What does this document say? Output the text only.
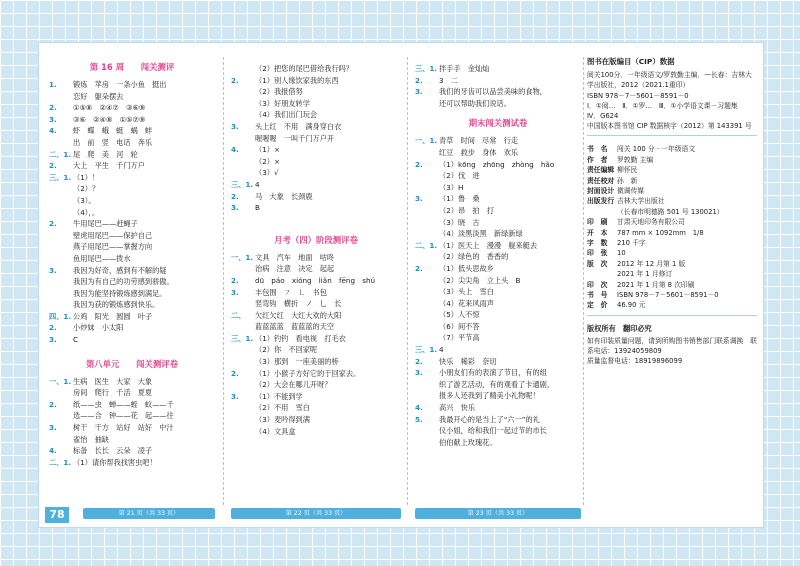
第 16 周　　闯关测评
1. 锻炼　苹房　一条小鱼　挺出
恋好　躯朵摆去
2. ①⑤⑧　②④⑦　③⑥⑨
3. ③⑥　②④⑧　①⑤⑦⑨
4. 虾　蝶　蛾　蜓　蜗　蚌
出　前　竖　电话　奔乐
二、1. 尾　爬　美　河　轮
2. 大上　平生　千门万户
三、1. （1）！
（2）？
（3）。
（4），。
2. 牛用尾巴——赶蝇子
壁虎用尾巴——保护自己
燕子用尾巴——掌握方向
鱼用尾巴——拨水
3. 我因为好奇，感到有不解的疑
我因为有自己的功劳感到骄傲。
我因为能坚持锻炼感到满足。
我因为获的锻炼感到快乐。
四、1. 公鸡　阳光　圆圆　叶子
2. 小炒妹　小太阳
3. C
第八单元　　闯关测评卷
一、1. 生病　医生　大家　大象
房间　爬行　千活　夏夏
2. 纸——虫　蝉——蛭　蚁——千
选——合　钟——花　起——往
3. 树干　干方　站好　站好　中汁
雀怡　抽缺
4. 标备　长长　云朵　凌子
二、1. （1）请你帮我找害虫吧！
（2）把您的尾巴借给我行吗？
2. （1）别人缘饮家我的东西
（2）我报借努
（3）好朋友转学
（4）我们出门玩会
3. 头上红　不用　满身穿白衣
喔喔喔　一叫千门万户开
4. （1）×
（2）×
（3）√
三、1. 4
2. 马　大象　长颈鹿
3. B
月考（四）阶段测评卷
一、1. 文具　汽车　地面　咕咚
治病　注意　决定　起起
2. dū　páo　xióng　liǎn　fēng　shú
3. 丰包围　㇇　㇗　书包
竖弯钩　横折　ノ　乚　长
二、 欠红欠红　大红大欢的大阳
蓝蓝蓝蓝　蓝蓝蓝的天空
三、1. （1）钓钓　看电视　打毛衣
（2）你　不回家呢
（3）那到　一座美丽的桥
2. （1）小猴子方好它的于回家去。
（2）大会在哪儿开呀？
3. （1）不能到学
（2）不用　雪白
（3）麦吟得到满
（4）文具盒
三、1. 拌手手　金灿灿
2. 3　二
3. 我们的牙齿可以品尝美味的食物，
还可以帮助我们说话。
期末闯关测试卷
一、1. 青草　时间　尽常　行走
红豆　救步　身体　欢乐
2. （1）kōng　zhōng　zhòng　hǎo
（2）伐　进
（3）H
3. （1）鲁　桑
（2）昂　拍　打
（3）晓　古
（4）淡黑淡黑　新绿新绿
二、1. （1）医天上　漫漫　舰来艇去
（2）绿色的　香香的
2. （1）低头思故乡
（2）尖尖角　立上头　B
（3）头上　雪白
（4）花来风雨声
（5）人不惊
（6）间不答
（7）平节高
三、1. 4
2. 快乐　稀彩　奈切
3. 小朋友们有的表演了节目，有的组
织了游艺活动，有的观看了卡通剧，
报多人还我到了精美小礼物呢！
4. 高兴　快乐
5. 我最开心的是当上了“六一”的礼
仪小姐，给和我们一起过节的市长
伯伯献上玫瑰花。
图书在版编目（CIP）数据
阅关100分．一年级语文/罗敦勤主编．—长春：吉林大学出版社，2012（2021.1重印）
ISBN 978－7－5601－8591－0
Ⅰ．①阅…　Ⅱ．①罗…　Ⅲ．①小学语文课－习题集　Ⅳ．G624
中国版本图书馆 CIP 数据核字（2012）第 143391 号
书　名	闯关 100 分 · 一年级语文
作　者	罗敦勤 主编
责任编辑 柳怀民
责任校对 孙　新
封面设计 微调传媒
出版发行 吉林大学出版社
（长春市明德路 501 号 130021）
印　刷	甘肃天地印务有限公司
开　本	787 mm × 1092mm　1/8
字　数	210 千字
印　张	10
版　次	2012 年 12 月第 1 版
2021 年 1 月修订
印　次	2021 年 1 月第 8 次印刷
书　号	ISBN 978－7－5601－8591－0
定　价	46.90 元
版权所有　翻印必究
如有印装质量问题，请到所购图书销售部门联系调换　联系电话：13924059809
质量监督电话：18919896099
78	第 21 页（共 33 页）	第 22 页（共 33 页）	第 23 页（共 33 页）
